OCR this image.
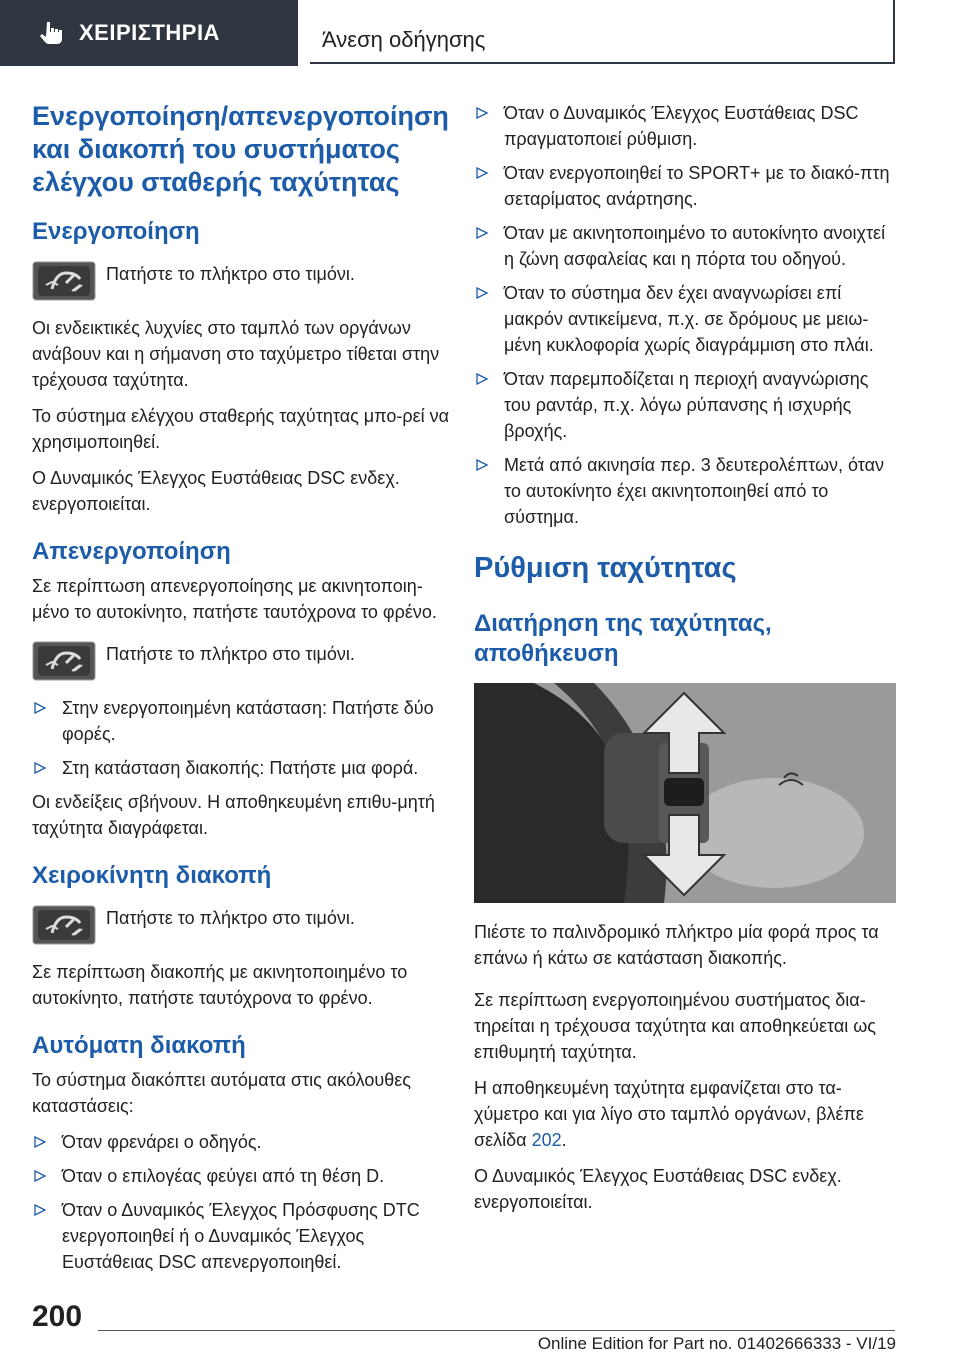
ΧΕΙΡΙΣΤΗΡΙΑ	Άνεση οδήγησης
Ενεργοποίηση/απενεργοποίηση και διακοπή του συστήματος ελέγχου σταθερής ταχύτητας
Ενεργοποίηση

Πατήστε το πλήκτρο στο τιμόνι.

Οι ενδεικτικές λυχνίες στο ταμπλό των οργάνων ανάβουν και η σήμανση στο ταχύμετρο τίθεται στην τρέχουσα ταχύτητα.

Το σύστημα ελέγχου σταθερής ταχύτητας μπο-ρεί να χρησιμοποιηθεί.

Ο Δυναμικός Έλεγχος Ευστάθειας DSC ενδεχ. ενεργοποιείται.

Απενεργοποίηση

Σε περίπτωση απενεργοποίησης με ακινητοποιη-μένο το αυτοκίνητο, πατήστε ταυτόχρονα το φρένο.

Πατήστε το πλήκτρο στο τιμόνι.

Στην ενεργοποιημένη κατάσταση: Πατήστε δύο φορές.
Στη κατάσταση διακοπής: Πατήστε μια φορά.

Οι ενδείξεις σβήνουν. Η αποθηκευμένη επιθυ-μητή ταχύτητα διαγράφεται.

Χειροκίνητη διακοπή

Πατήστε το πλήκτρο στο τιμόνι.

Σε περίπτωση διακοπής με ακινητοποιημένο το αυτοκίνητο, πατήστε ταυτόχρονα το φρένο.

Αυτόματη διακοπή

Το σύστημα διακόπτει αυτόματα στις ακόλουθες καταστάσεις:

Όταν φρενάρει ο οδηγός.
Όταν ο επιλογέας φεύγει από τη θέση D.
Όταν ο Δυναμικός Έλεγχος Πρόσφυσης DTC ενεργοποιηθεί ή ο Δυναμικός Έλεγχος Ευστάθειας DSC απενεργοποιηθεί.
Όταν ο Δυναμικός Έλεγχος Ευστάθειας DSC πραγματοποιεί ρύθμιση.
Όταν ενεργοποιηθεί το SPORT+ με το διακό-πτη σεταρίματος ανάρτησης.
Όταν με ακινητοποιημένο το αυτοκίνητο ανοιχτεί η ζώνη ασφαλείας και η πόρτα του οδηγού.
Όταν το σύστημα δεν έχει αναγνωρίσει επί μακρόν αντικείμενα, π.χ. σε δρόμους με μειω-μένη κυκλοφορία χωρίς διαγράμμιση στο πλάι.
Όταν παρεμποδίζεται η περιοχή αναγνώρισης του ραντάρ, π.χ. λόγω ρύπανσης ή ισχυρής βροχής.
Μετά από ακινησία περ. 3 δευτερολέπτων, όταν το αυτοκίνητο έχει ακινητοποιηθεί από το σύστημα.
Ρύθμιση ταχύτητας
Διατήρηση της ταχύτητας, αποθήκευση

Πιέστε το παλινδρομικό πλήκτρο μία φορά προς τα επάνω ή κάτω σε κατάσταση διακοπής.

Σε περίπτωση ενεργοποιημένου συστήματος δια-τηρείται η τρέχουσα ταχύτητα και αποθηκεύεται ως επιθυμητή ταχύτητα.

Η αποθηκευμένη ταχύτητα εμφανίζεται στο τα-χύμετρο και για λίγο στο ταμπλό οργάνων, βλέπε σελίδα 202.

Ο Δυναμικός Έλεγχος Ευστάθειας DSC ενδεχ. ενεργοποιείται.

200
Online Edition for Part no. 01402666333 - VI/19
